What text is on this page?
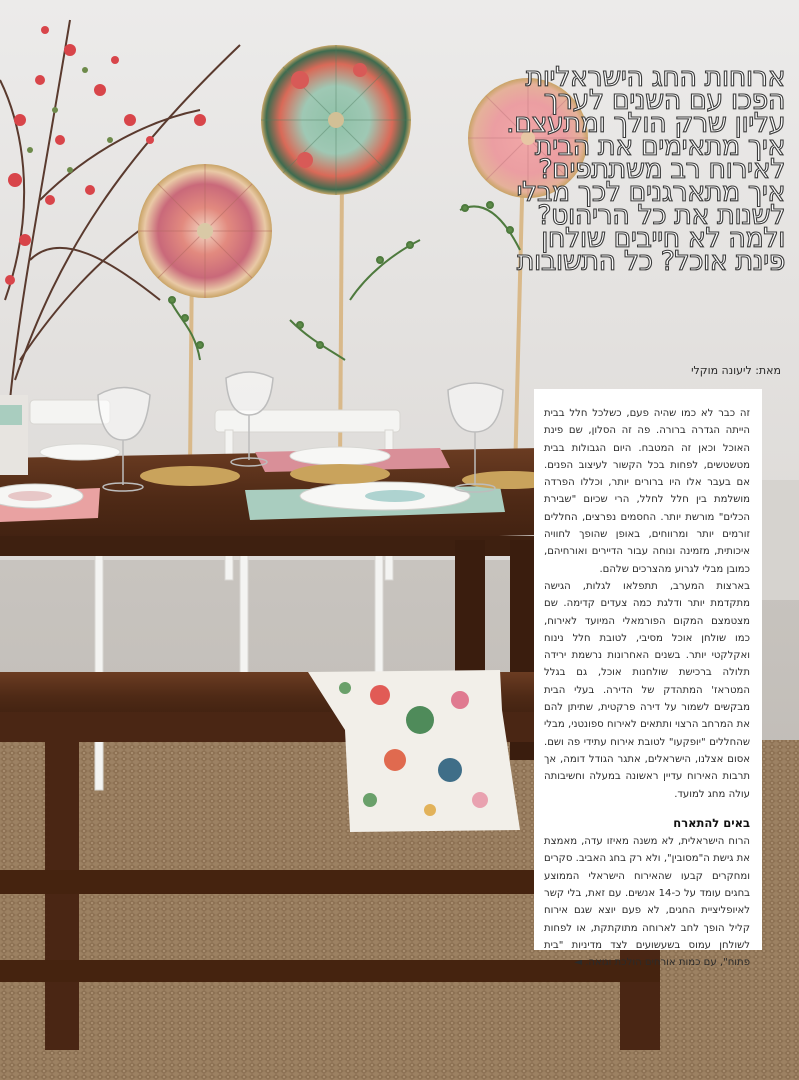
ארוחות החג הישראליות הפכו עם השנים לערך עליון שרק הולך ומתעצם. איך מתאימים את הבית לאירוח רב משתתפים? איך מתארגנים לכך מבלי לשנות את כל הריהוט? ולמה לא חייבים שולחן פינת אוכל? כל התשובות
מאת: ליעונה מוקלי

זה כבר לא כמו שהיה פעם, כשלכל חלל בבית הייתה הגדרה ברורה. פה זה הסלון, שם פינת האוכל וכאן זה המטבח. היום הגבולות בבית מטשטשים, לפחות בכל הקשור לעיצוב הפנים. אם בעבר אלו היו ברורים יותר, וכללו הפרדה מושלמת בין חלל לחלל, הרי שכיום "שבירת הכלים" מורשת יותר. החסמים נפרצים, החללים זורמים יותר ומרווחים, באופן שהופך לחוויה איכותית, מזמינה ונוחה עבור הדיירים ואורחיהם, כמובן מבלי לגרוע מהצרכים שלהם.

בארצות המערב, תתפלאו לגלות, הגישה מתקדמת יותר ודלגת כמה צעדים קדימה. שם מצטמצם המקום הפורמאלי המיועד לאירוח, כמו שולחן אוכל מסיבי, לטובת חלל נינוח ואקלקטי יותר. בשנים האחרונות נרשמת ירידה תלולה ברכישת שולחנות אוכל, גם בגלל המטראז' המתהדק של הדירה. בעלי הבית מבקשים לשמור על דירה פרקטית, שתיתן להם את המרחב הרצוי ותתאים לאירוח ספונטני, מבלי שהחללים "יופקעו" לטובת אירוח עתידי פה ושם. אסום אצלנו, הישראלים, אתגר הגודל דומה, אך תרבות האירוח עדיין ראשונה במעלה וחשיבותה עולה מחג למועד.

באים להתארח

הרוח הישראלית, לא משנה מאיזו עדה, מאמצת את גישת ה"מסובין", ולא רק בחג האביב. סקרים ומחקרים קבעו שהאירוח הישראלי הממוצע בחגים עומד על כ-14 אנשים. עם זאת, בלי קשר לאיופליציית החגים, לא פעם יוצא שגם אירוח קליל הופך לחב לארוחה מתוקתקת, או לפחות לשולחן עמוס בשעשועים לצד מדיניות "בית פתוח", עם כמות אורחים הולכת וגואה. ◄
